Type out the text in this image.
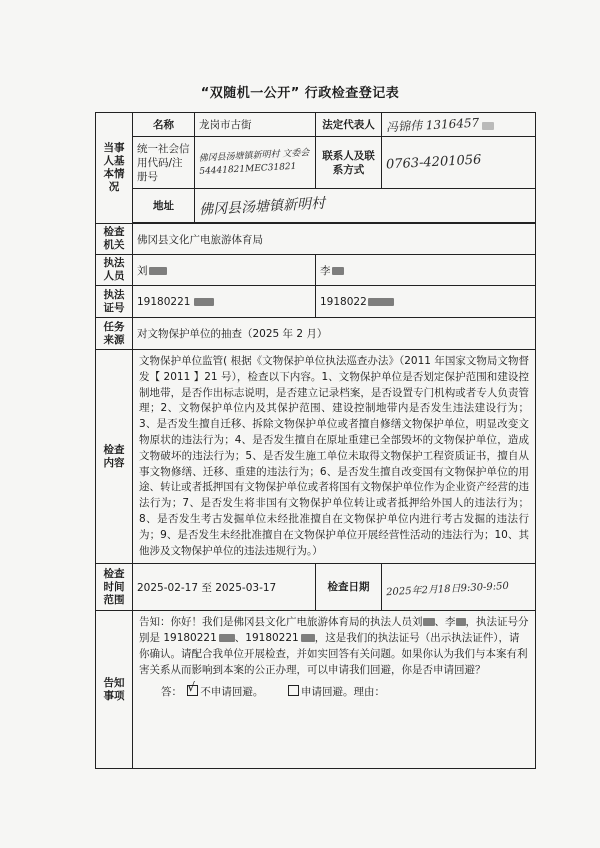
“双随机一公开” 行政检查登记表
当事人基本情况	名称	龙岗市古街	法定代表人	冯锦伟 1316457
	统一社会信用代码/注册号	佛冈县汤塘镇新明村 文委会 54441821MEC31821	联系人及联系方式	0763-4201056
	地址	佛冈县汤塘镇新明村		

检查机关	佛冈县文化广电旅游体育局			
执法人员	刘		李	
执法证号	19180221		1918022	
任务来源	对文物保护单位的抽查（2025 年 2 月）			
检查内容	文物保护单位监管( 根据《文物保护单位执法巡查办法》（2011 年国家文物局文物督发【 2011 】21 号），检查以下内容。1、文物保护单位是否划定保护范围和建设控制地带，是否作出标志说明，是否建立记录档案，是否设置专门机构或者专人负责管理；2、文物保护单位内及其保护范围、建设控制地带内是否发生违法建设行为；3、是否发生擅自迁移、拆除文物保护单位或者擅自修缮文物保护单位，明显改变文物原状的违法行为；4、是否发生擅自在原址重建已全部毁坏的文物保护单位，造成文物破坏的违法行为；5、是否发生施工单位未取得文物保护工程资质证书，擅自从事文物修缮、迁移、重建的违法行为；6、是否发生擅自改变国有文物保护单位的用途、转让或者抵押国有文物保护单位或者将国有文物保护单位作为企业资产经营的违法行为；7、是否发生将非国有文物保护单位转让或者抵押给外国人的违法行为；8、是否发生考古发掘单位未经批准擅自在文物保护单位内进行考古发掘的违法行为；9、是否发生未经批准擅自在文物保护单位开展经营性活动的违法行为；10、其他涉及文物保护单位的违法违规行为。）			
检查时间范围	2025-02-17 至 2025-03-17		检查日期	2025年2月18日9:30-9:50
告知事项	告知：你好！我们是佛冈县文化广电旅游体育局的执法人员刘 、李 ，执法证号分别是 19180221 、19180221 ，这是我们的执法证号（出示执法证件），请你确认。请配合我单位开展检查，并如实回答有关问题。如果你认为我们与本案有利害关系从而影响到本案的公正办理，可以申请我们回避，你是否申请回避？
答： √ 不申请回避。 申请回避。理由：			
